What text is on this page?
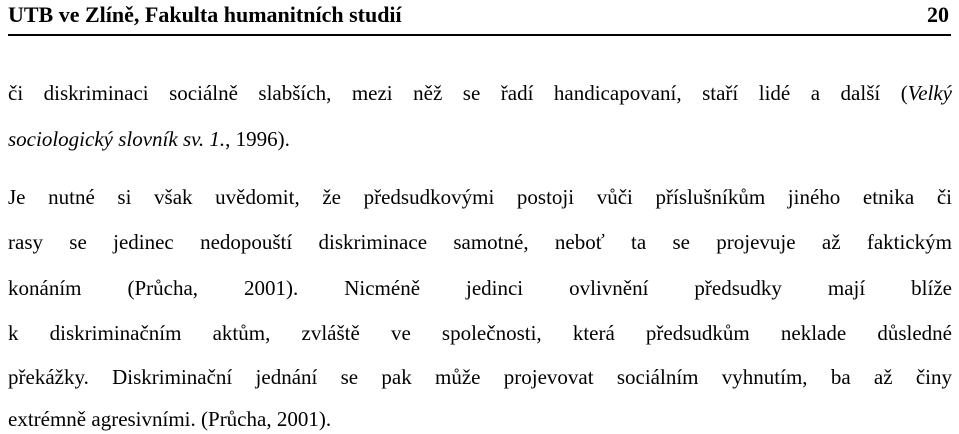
UTB ve Zlíně, Fakulta humanitních studií	20
či diskriminaci sociálně slabších, mezi něž se řadí handicapovaní, staří lidé a další (Velký
sociologický slovník sv. 1., 1996).
Je nutné si však uvědomit, že předsudkovými postoji vůči příslušníkům jiného etnika či
rasy se jedinec nedopouští diskriminace samotné, neboť ta se projevuje až faktickým
konáním (Průcha, 2001). Nicméně jedinci ovlivnění předsudky mají blíže
k diskriminačním aktům, zvláště ve společnosti, která předsudkům neklade důsledné
překážky. Diskriminační jednání se pak může projevovat sociálním vyhnutím, ba až činy
extrémně agresivními. (Průcha, 2001).
